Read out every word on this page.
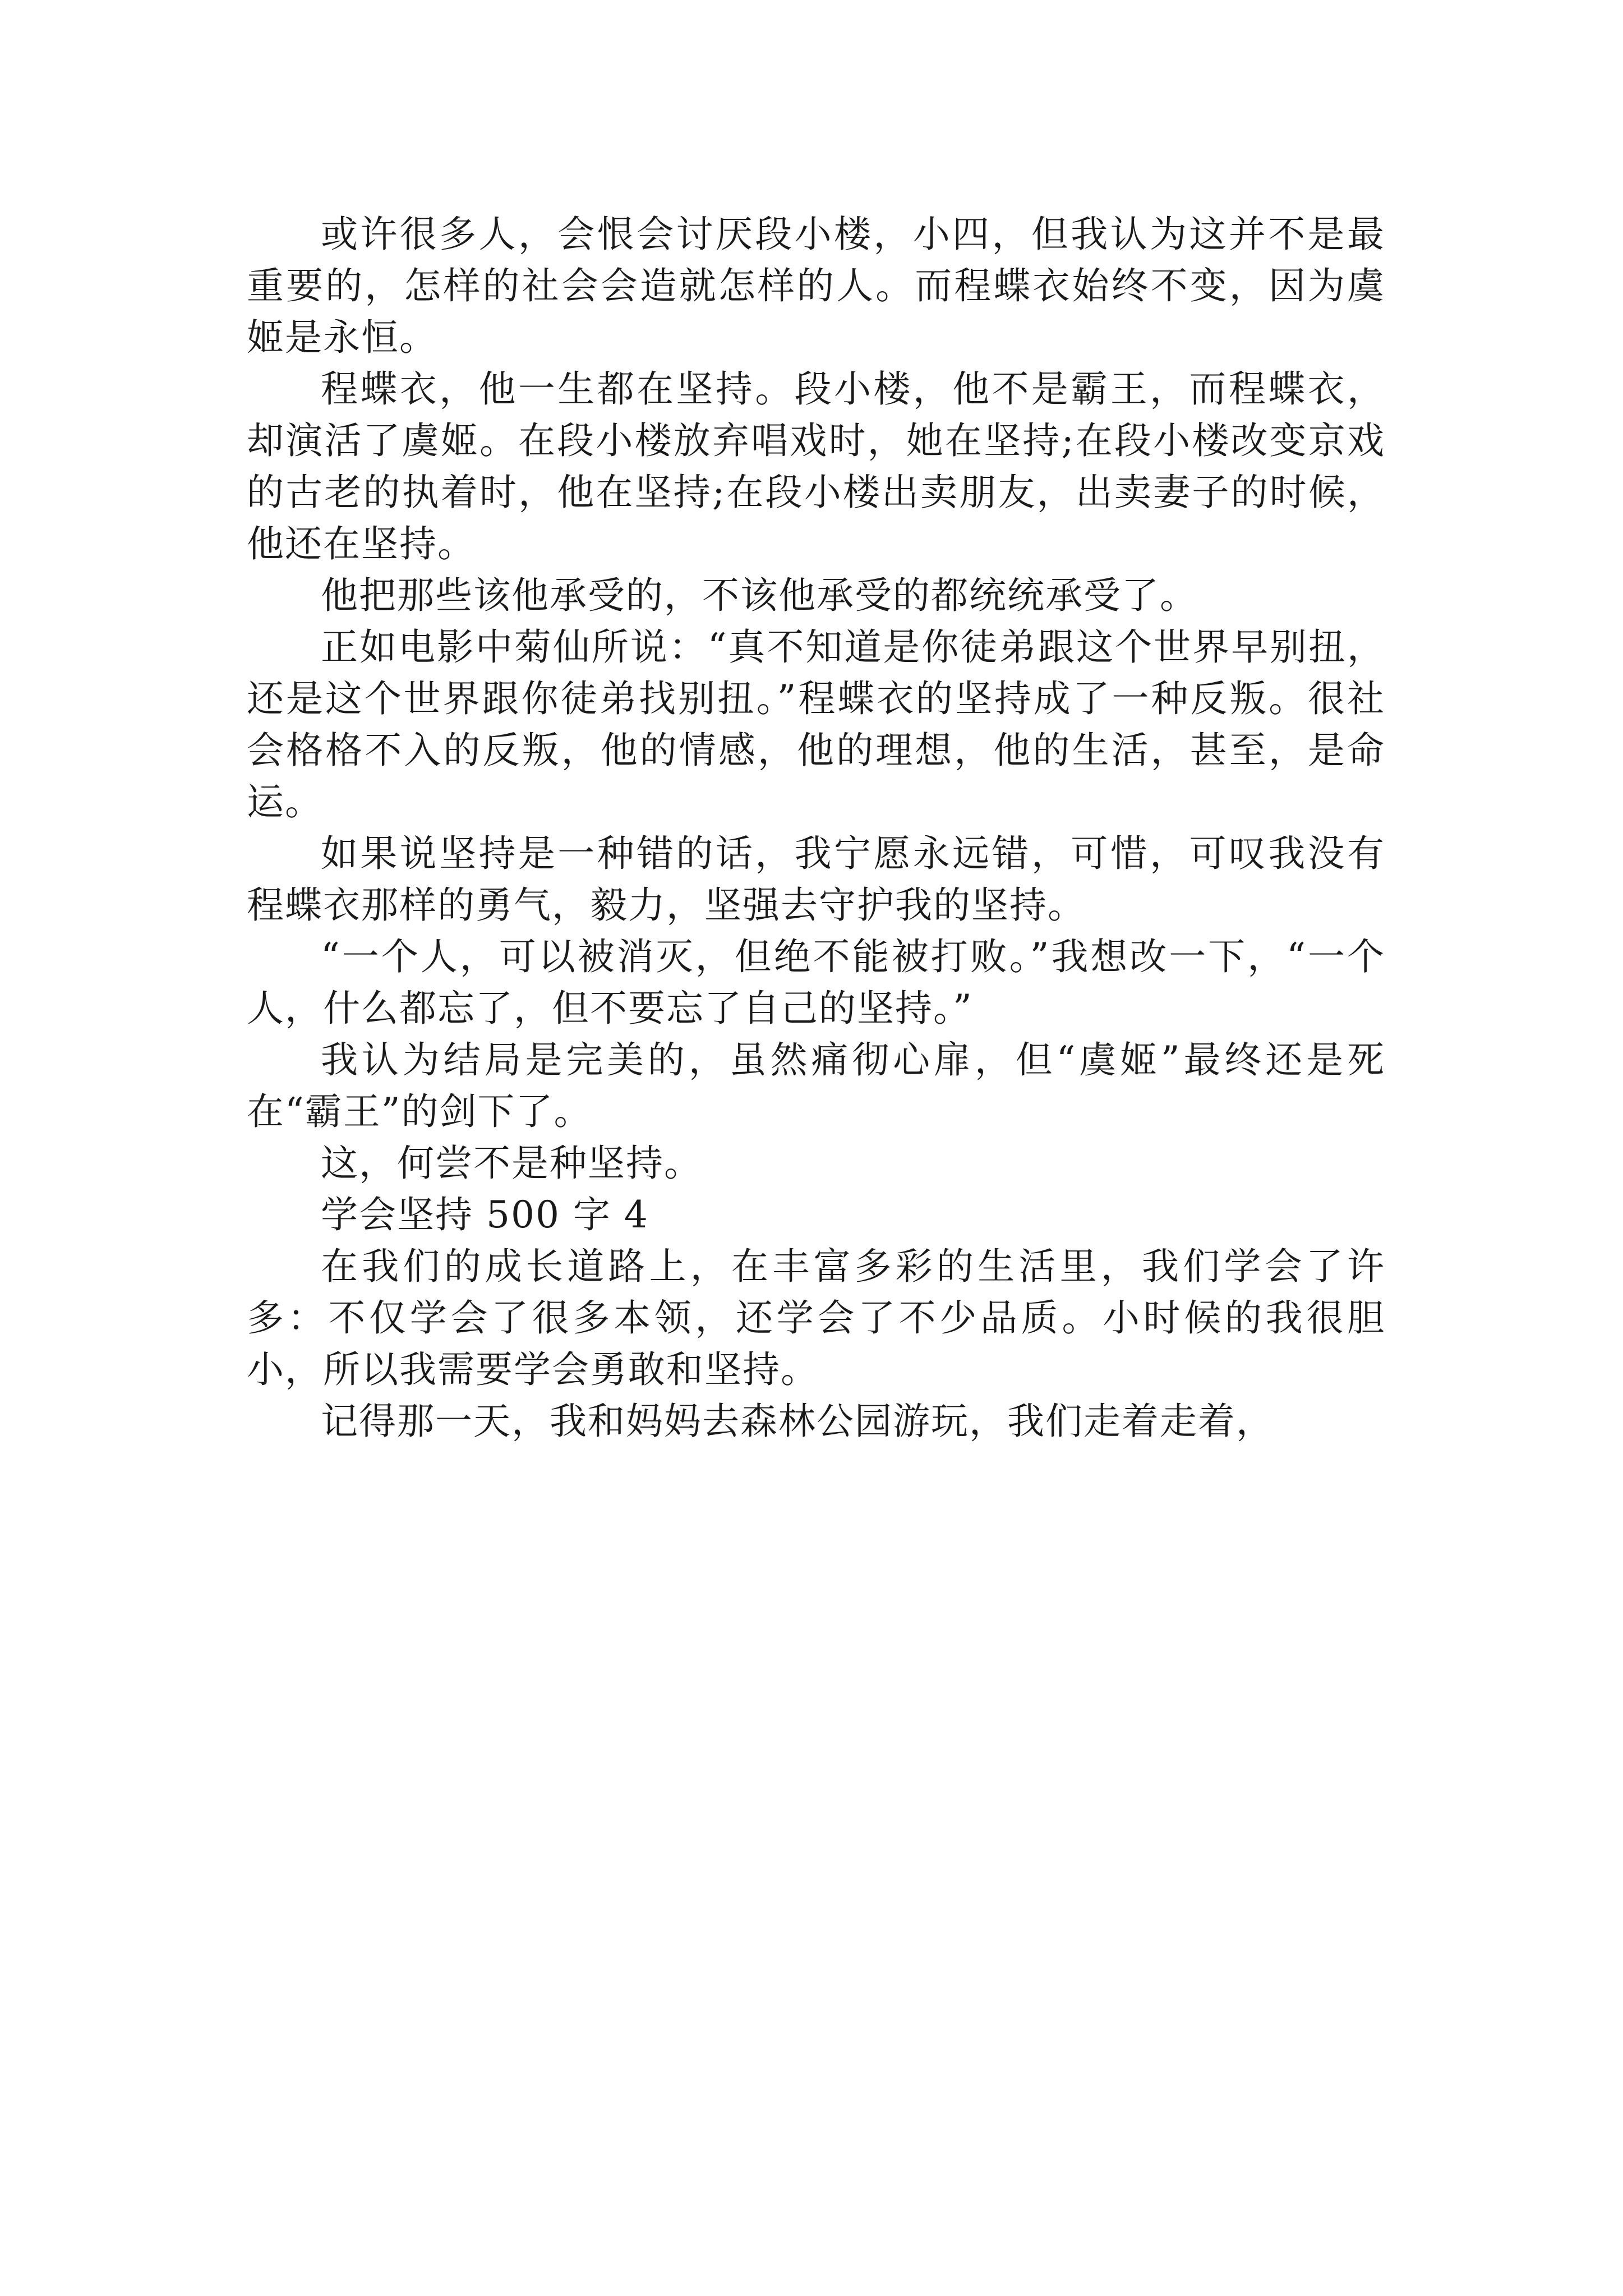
或许很多人，会恨会讨厌段小楼，小四，但我认为这并不是最重要的，怎样的社会会造就怎样的人。而程蝶衣始终不变，因为虞姬是永恒。

程蝶衣，他一生都在坚持。段小楼，他不是霸王，而程蝶衣，却演活了虞姬。在段小楼放弃唱戏时，她在坚持;在段小楼改变京戏的古老的执着时，他在坚持;在段小楼出卖朋友，出卖妻子的时候，他还在坚持。

他把那些该他承受的，不该他承受的都统统承受了。

正如电影中菊仙所说：“真不知道是你徒弟跟这个世界早别扭，还是这个世界跟你徒弟找别扭。”程蝶衣的坚持成了一种反叛。很社会格格不入的反叛，他的情感，他的理想，他的生活，甚至，是命运。

如果说坚持是一种错的话，我宁愿永远错，可惜，可叹我没有程蝶衣那样的勇气，毅力，坚强去守护我的坚持。

“一个人，可以被消灭，但绝不能被打败。”我想改一下，“一个人，什么都忘了，但不要忘了自己的坚持。”

我认为结局是完美的，虽然痛彻心扉，但“虞姬”最终还是死在“霸王”的剑下了。

这，何尝不是种坚持。

学会坚持 500 字 4

在我们的成长道路上，在丰富多彩的生活里，我们学会了许多：不仅学会了很多本领，还学会了不少品质。小时候的我很胆小，所以我需要学会勇敢和坚持。

记得那一天，我和妈妈去森林公园游玩，我们走着走着，
